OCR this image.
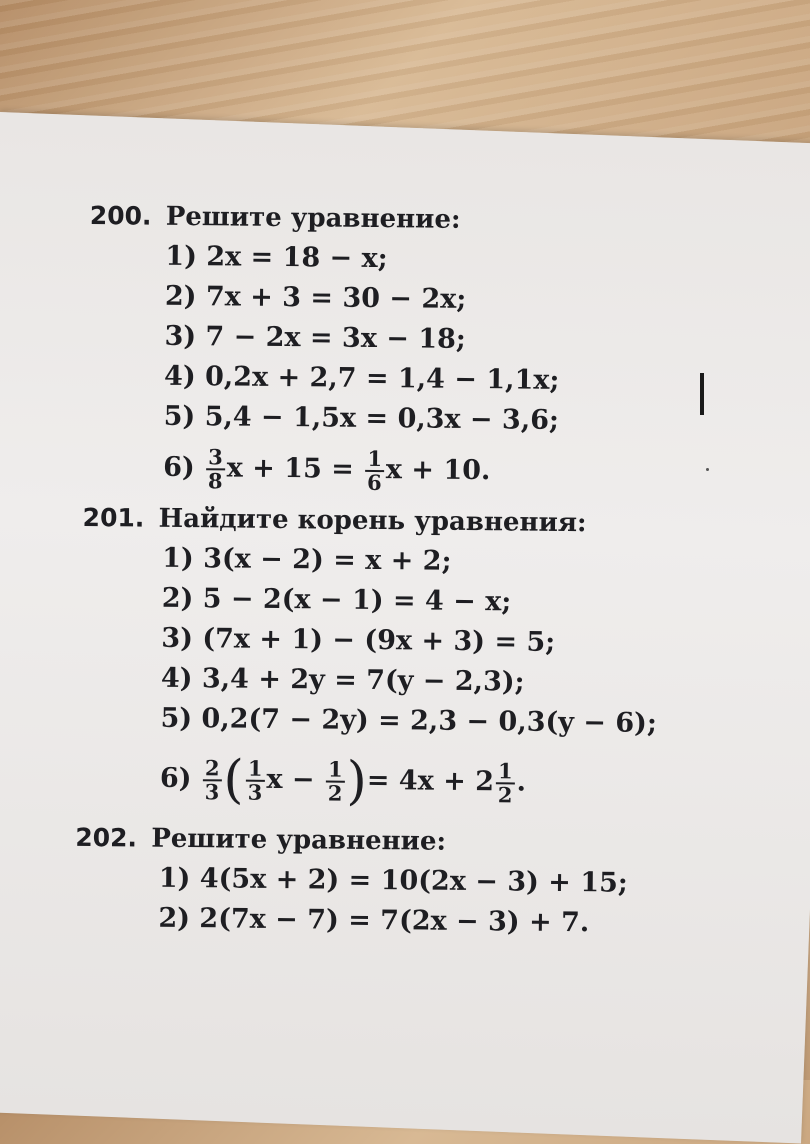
200. Решите уравнение:
1) 2x = 18 − x;
2) 7x + 3 = 30 − 2x;
3) 7 − 2x = 3x − 18;
4) 0,2x + 2,7 = 1,4 − 1,1x;
5) 5,4 − 1,5x = 0,3x − 3,6;
$6) \frac{3}{8}$ $x + 15 = \frac{1}{6}$ x + 10.
201. Найдите корень уравнения:
1) 3(x − 2) = x + 2;
2) 5 − 2(x − 1) = 4 − x;
3) (7x + 1) − (9x + 3) = 5;
4) 3,4 + 2y = 7(y − 2,3);
5) 0,2(7 − 2y) = 2,3 − 0,3(y − 6);
$6) \frac{2}{3}$ ( $\frac{1}{3}$ $x - \frac{1}{2}$ )= $4x + 2 \frac{1}{2}$ .
202. Решите уравнение:
1) 4(5x + 2) = 10(2x − 3) + 15;
2) 2(7x − 7) = 7(2x − 3) + 7.
